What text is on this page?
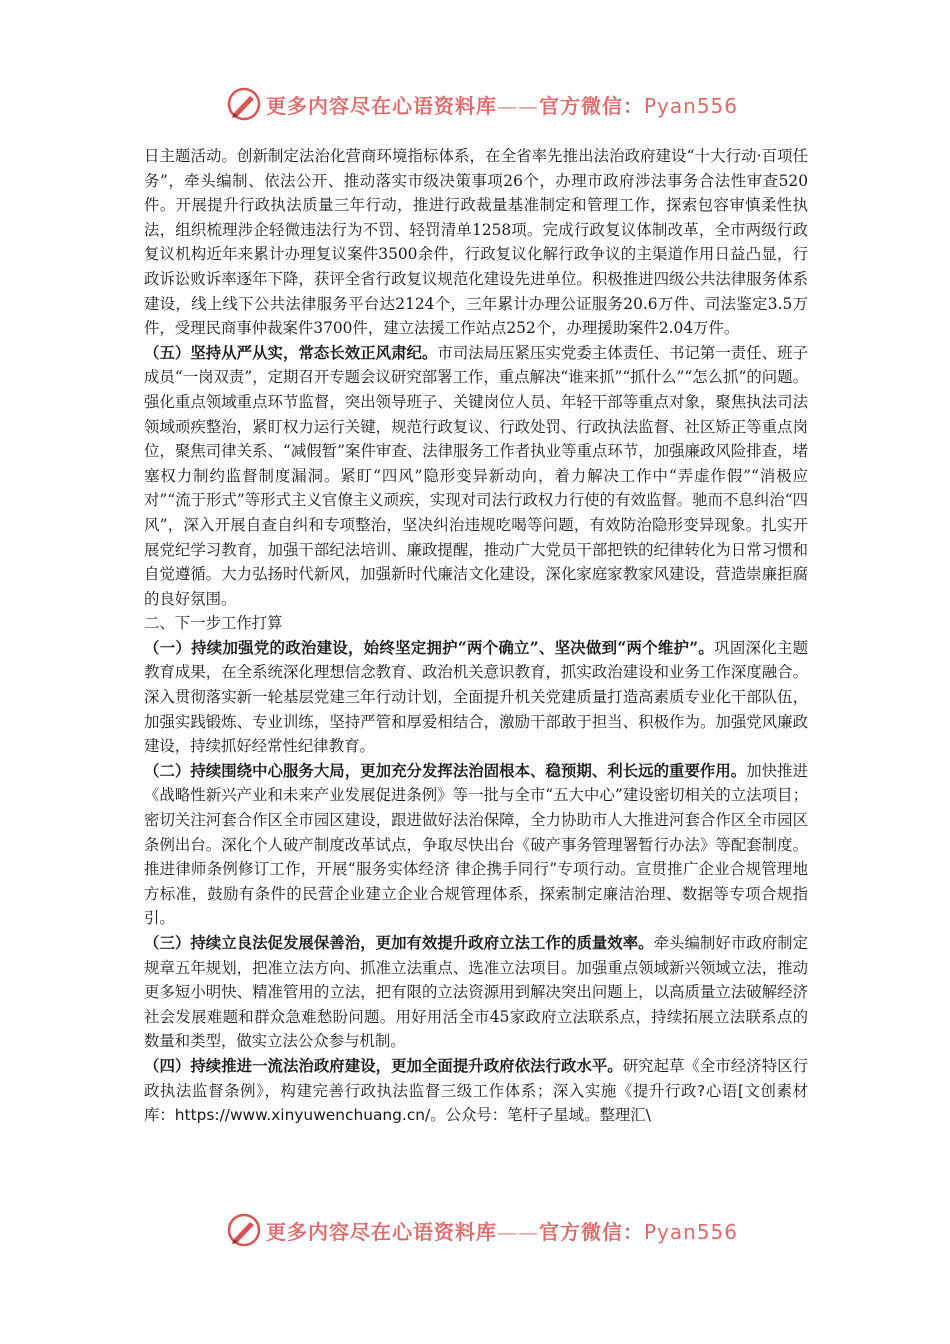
更多内容尽在心语资料库——官方微信：Pyan556

日主题活动。创新制定法治化营商环境指标体系，在全省率先推出法治政府建设“十大行动·百项任务”，牵头编制、依法公开、推动落实市级决策事项26个，办理市政府涉法事务合法性审查520件。开展提升行政执法质量三年行动，推进行政裁量基准制定和管理工作，探索包容审慎柔性执法，组织梳理涉企轻微违法行为不罚、轻罚清单1258项。完成行政复议体制改革，全市两级行政复议机构近年来累计办理复议案件3500余件，行政复议化解行政争议的主渠道作用日益凸显，行政诉讼败诉率逐年下降，获评全省行政复议规范化建设先进单位。积极推进四级公共法律服务体系建设，线上线下公共法律服务平台达2124个，三年累计办理公证服务20.6万件、司法鉴定3.5万件，受理民商事仲裁案件3700件，建立法援工作站点252个，办理援助案件2.04万件。

（五）坚持从严从实，常态长效正风肃纪。市司法局压紧压实党委主体责任、书记第一责任、班子成员“一岗双责”，定期召开专题会议研究部署工作，重点解决“谁来抓”“抓什么”“怎么抓”的问题。强化重点领域重点环节监督，突出领导班子、关键岗位人员、年轻干部等重点对象，聚焦执法司法领域顽疾整治，紧盯权力运行关键，规范行政复议、行政处罚、行政执法监督、社区矫正等重点岗位，聚焦司律关系、“减假暂”案件审查、法律服务工作者执业等重点环节，加强廉政风险排查，堵塞权力制约监督制度漏洞。紧盯“四风”隐形变异新动向，着力解决工作中“弄虚作假”“消极应对”“流于形式”等形式主义官僚主义顽疾，实现对司法行政权力行使的有效监督。驰而不息纠治“四风”，深入开展自查自纠和专项整治，坚决纠治违规吃喝等问题，有效防治隐形变异现象。扎实开展党纪学习教育，加强干部纪法培训、廉政提醒，推动广大党员干部把铁的纪律转化为日常习惯和自觉遵循。大力弘扬时代新风，加强新时代廉洁文化建设，深化家庭家教家风建设，营造崇廉拒腐的良好氛围。

二、下一步工作打算

（一）持续加强党的政治建设，始终坚定拥护“两个确立”、坚决做到“两个维护”。巩固深化主题教育成果，在全系统深化理想信念教育、政治机关意识教育，抓实政治建设和业务工作深度融合。深入贯彻落实新一轮基层党建三年行动计划，全面提升机关党建质量打造高素质专业化干部队伍，加强实践锻炼、专业训练，坚持严管和厚爱相结合，激励干部敢于担当、积极作为。加强党风廉政建设，持续抓好经常性纪律教育。

（二）持续围绕中心服务大局，更加充分发挥法治固根本、稳预期、利长远的重要作用。加快推进《战略性新兴产业和未来产业发展促进条例》等一批与全市“五大中心”建设密切相关的立法项目；密切关注河套合作区全市园区建设，跟进做好法治保障，全力协助市人大推进河套合作区全市园区条例出台。深化个人破产制度改革试点，争取尽快出台《破产事务管理署暂行办法》等配套制度。推进律师条例修订工作，开展“服务实体经济 律企携手同行”专项行动。宣贯推广企业合规管理地方标准，鼓励有条件的民营企业建立企业合规管理体系，探索制定廉洁治理、数据等专项合规指引。

（三）持续立良法促发展保善治，更加有效提升政府立法工作的质量效率。牵头编制好市政府制定规章五年规划，把准立法方向、抓准立法重点、选准立法项目。加强重点领域新兴领域立法，推动更多短小明快、精准管用的立法，把有限的立法资源用到解决突出问题上，以高质量立法破解经济社会发展难题和群众急难愁盼问题。用好用活全市45家政府立法联系点，持续拓展立法联系点的数量和类型，做实立法公众参与机制。

（四）持续推进一流法治政府建设，更加全面提升政府依法行政水平。研究起草《全市经济特区行政执法监督条例》，构建完善行政执法监督三级工作体系；深入实施《提升行政?心语[文创素材库：https://www.xinyuwenchuang.cn/。公众号：笔杆子星域。整理汇\

更多内容尽在心语资料库——官方微信：Pyan556
